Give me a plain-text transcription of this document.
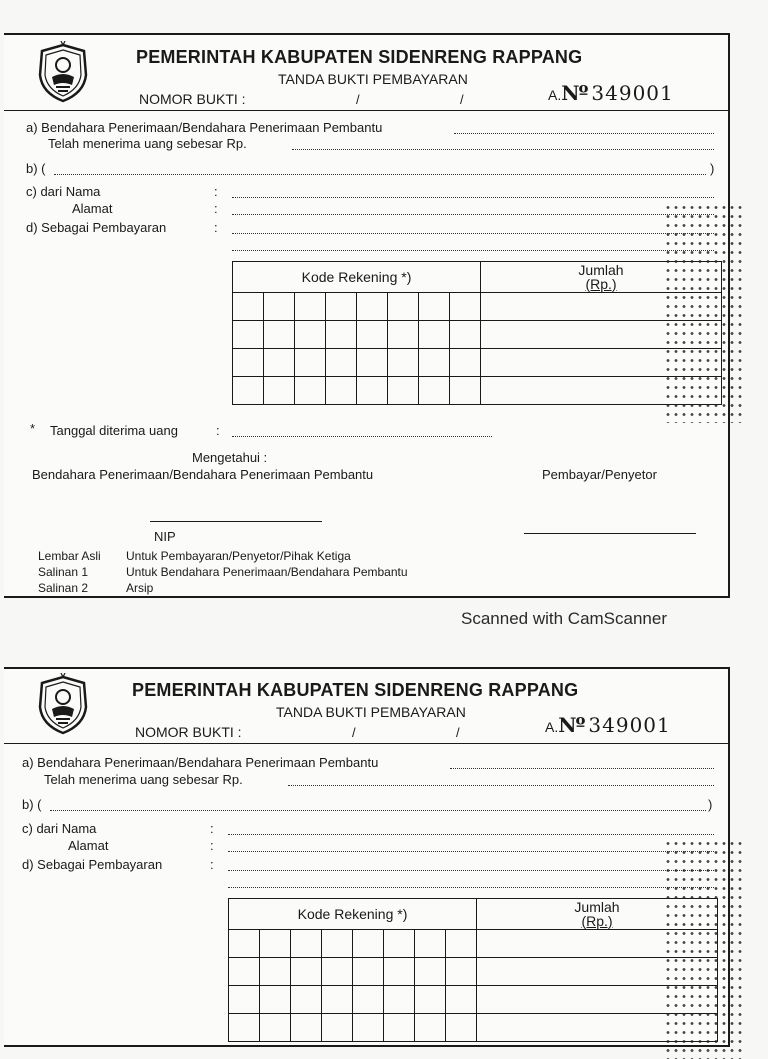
PEMERINTAH KABUPATEN SIDENRENG RAPPANG
TANDA BUKTI PEMBAYARAN
NOMOR BUKTI :	/	/	A.Nº 349001
a) Bendahara Penerimaan/Bendahara Penerimaan Pembantu
Telah menerima uang sebesar Rp.
b) (	)
c) dari Nama	:
Alamat	:
d) Sebagai Pembayaran	:
Kode Rekening *)								Jumlah
(Rp.)

* Tanggal diterima uang	:
Mengetahui :
Bendahara Penerimaan/Bendahara Penerimaan Pembantu	Pembayar/Penyetor
NIP
Lembar Asli Untuk Pembayaran/Penyetor/Pihak Ketiga
Salinan 1	Untuk Bendahara Penerimaan/Bendahara Pembantu
Salinan 2	Arsip
Scanned with CamScanner
PEMERINTAH KABUPATEN SIDENRENG RAPPANG
TANDA BUKTI PEMBAYARAN
NOMOR BUKTI :	/	/	A.Nº 349001
a) Bendahara Penerimaan/Bendahara Penerimaan Pembantu
Telah menerima uang sebesar Rp.
b) (	)
c) dari Nama	:
Alamat	:
d) Sebagai Pembayaran	:
Kode Rekening *)								Jumlah
(Rp.)
